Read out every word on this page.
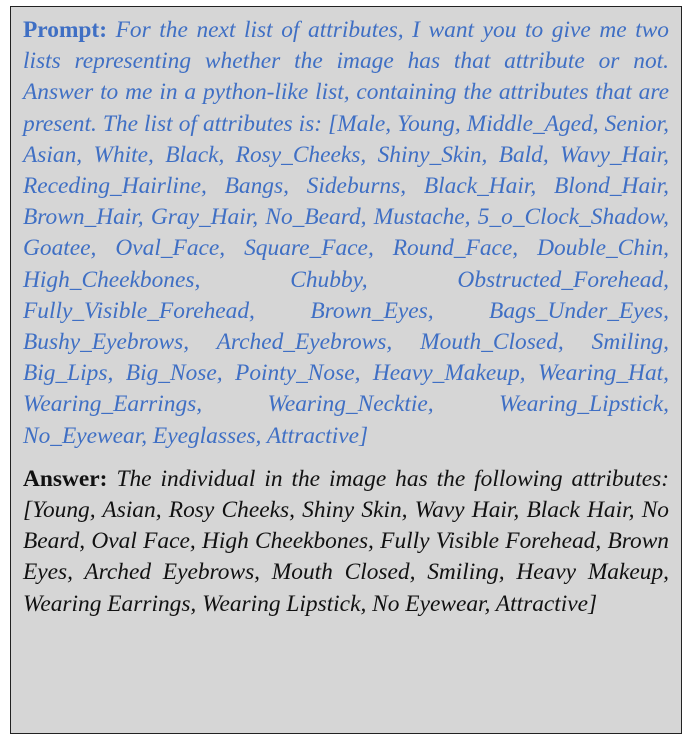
Prompt: For the next list of attributes, I want you to give me two lists representing whether the image has that attribute or not. Answer to me in a python-like list, containing the attributes that are present. The list of attributes is: [Male, Young, Middle_Aged, Senior, Asian, White, Black, Rosy_Cheeks, Shiny_Skin, Bald, Wavy_Hair, Receding_Hairline, Bangs, Sideburns, Black_Hair, Blond_Hair, Brown_Hair, Gray_Hair, No_Beard, Mustache, 5_o_Clock_Shadow, Goatee, Oval_Face, Square_Face, Round_Face, Double_Chin, High_Cheekbones, Chubby, Obstructed_Forehead, Fully_Visible_Forehead, Brown_Eyes, Bags_Under_Eyes, Bushy_Eyebrows, Arched_Eyebrows, Mouth_Closed, Smiling, Big_Lips, Big_Nose, Pointy_Nose, Heavy_Makeup, Wearing_Hat, Wearing_Earrings, Wearing_Necktie, Wearing_Lipstick, No_Eyewear, Eyeglasses, Attractive]

Answer: The individual in the image has the following attributes: [Young, Asian, Rosy Cheeks, Shiny Skin, Wavy Hair, Black Hair, No Beard, Oval Face, High Cheekbones, Fully Visible Forehead, Brown Eyes, Arched Eyebrows, Mouth Closed, Smiling, Heavy Makeup, Wearing Earrings, Wearing Lipstick, No Eyewear, Attractive]
